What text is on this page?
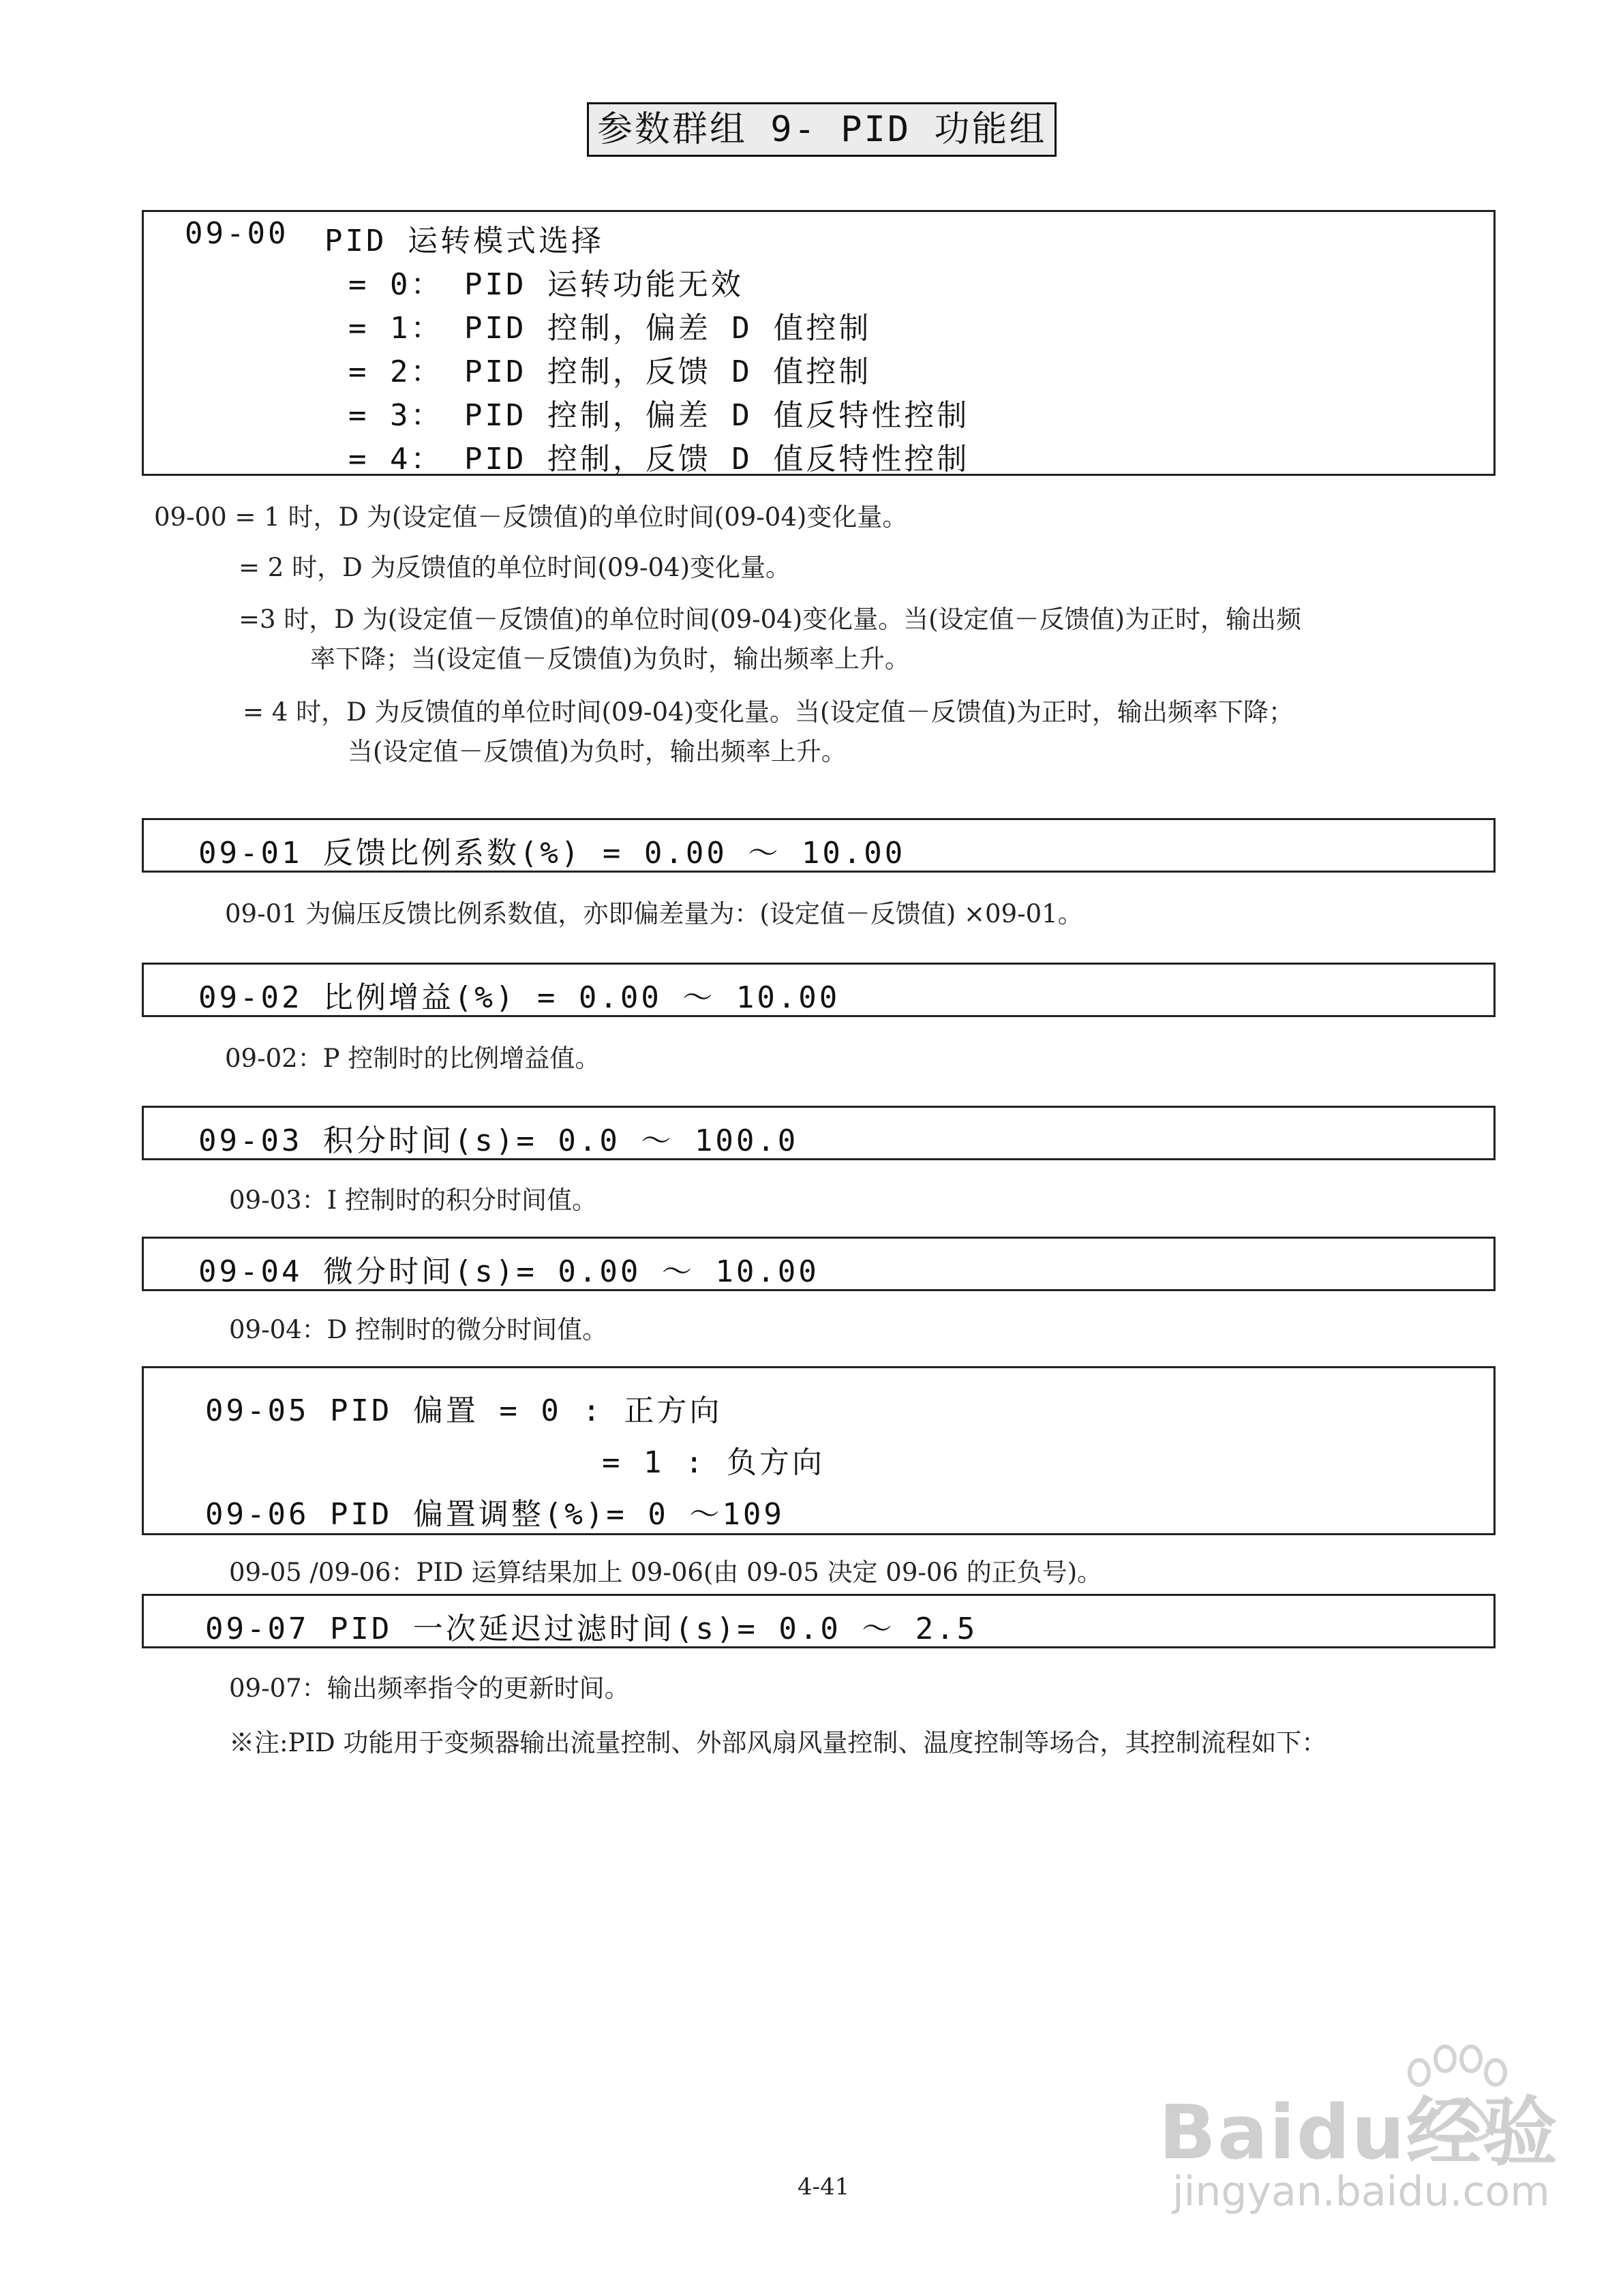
参数群组 9- PID 功能组
09-00 PID 运转模式选择
= 0： PID 运转功能无效
= 1： PID 控制，偏差 D 值控制
= 2： PID 控制，反馈 D 值控制
= 3： PID 控制，偏差 D 值反特性控制
= 4： PID 控制，反馈 D 值反特性控制
09-00 = 1 时，D 为(设定值－反馈值)的单位时间(09-04)变化量。
= 2 时，D 为反馈值的单位时间(09-04)变化量。
=3 时，D 为(设定值－反馈值)的单位时间(09-04)变化量。当(设定值－反馈值)为正时，输出频
率下降；当(设定值－反馈值)为负时，输出频率上升。
= 4 时，D 为反馈值的单位时间(09-04)变化量。当(设定值－反馈值)为正时，输出频率下降；
当(设定值－反馈值)为负时，输出频率上升。
09-01 反馈比例系数(%) = 0.00 ～ 10.00
09-01 为偏压反馈比例系数值，亦即偏差量为：(设定值－反馈值) ×09-01。
09-02 比例增益(%) = 0.00 ～ 10.00
09-02：P 控制时的比例增益值。
09-03 积分时间(s)= 0.0 ～ 100.0
09-03：I 控制时的积分时间值。
09-04 微分时间(s)= 0.00 ～ 10.00
09-04：D 控制时的微分时间值。
09-05 PID 偏置 = 0 : 正方向
= 1 : 负方向
09-06 PID 偏置调整(%)= 0 ～109
09-05 /09-06：PID 运算结果加上 09-06(由 09-05 决定 09-06 的正负号)。
09-07 PID 一次延迟过滤时间(s)= 0.0 ～ 2.5
09-07：输出频率指令的更新时间。
※注:PID 功能用于变频器输出流量控制、外部风扇风量控制、温度控制等场合，其控制流程如下：
4-41
Baidu经验
jingyan.baidu.com
